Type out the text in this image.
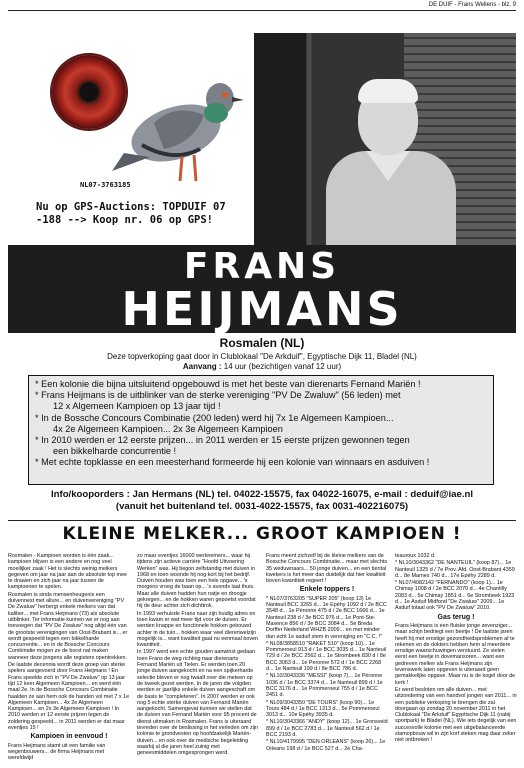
DE DUIF - Frans Wellens - blz. 9
NL07-3763185
Nu op GPS-Auctions: TOPDUIF 07
-188 --> Koop nr. 06 op GPS!
FRANS
HEIJMANS
Rosmalen (NL)
Deze topverkoping gaat door in Clublokaal "De Arkduif", Egyptische Dijk 11, Bladel (NL)
Aanvang : 14 uur (bezichtigen vanaf 12 uur)

* Een kolonie die bijna uitsluitend opgebouwd is met het beste van dierenarts Fernand Mariën !

* Frans Heijmans is de uitblinker van de sterke vereniging "PV De Zwaluw" (56 leden) met

12 x Algemeen Kampioen op 13 jaar tijd !

* In de Bossche Concours Combinatie (200 leden) werd hij 7x 1e Algemeen Kampioen...

4x 2e Algemeen Kampioen... 2x 3e Algemeen Kampioen

* In 2010 werden er 12 eerste prijzen... in 2011 werden er 15 eerste prijzen gewonnen tegen

een bikkelharde concurrentie !

* Met echte topklasse en een meesterhand formeerde hij een kolonie van winnaars en asduiven !

Info/kooporders : Jan Hermans (NL) tel. 04022-15575, fax 04022-16075, e-mail : deduif@iae.nl
(vanuit het buitenland tel. 0031-4022-15575, fax 0031-402216075)
KLEINE MELKER... GROOT KAMPIOEN !

Rosmalen - Kampioen worden is één zaak... kampioen blijven is een andere en nog veel moeilijker zaak ! Het is slechts weinig melkers gegeven om jaar na jaar aan de absolute top mee te draaien en zich jaar na jaar tussen de kampioenen te spelen.

Rosmalen is sinds mensenheugenis een duivennest met allure... en duivenvereniging "PV De Zwaluw" herbergt enkele melkers van dat kaliber... met Frans Heijmans (73) als absolute uitblinker. Ter informatie kunnen we er nog aan toevoegen dat "PV De Zwaluw" nog altijd één van de grootste verenigingen van Oost-Brabant is... er wordt gespeeld tegen een bikkelharde concurrentie... en in de Bossche Concours Combinatie mogen ze de borst nat maken wanneer deze jongens alle registers opentrekken.

De laatste decennia wordt deze groep van sterke spelers aangevoerd door Frans Heijmans ! En Frans speelde zich in "PV De Zwaluw" op 13 jaar tijd 12 keer Algemeen Kampioen... en werd één maal 2e. In de Bossche Concours Combinatie haalden ze aan hem ook de handen vol met 7 x 1e Algemeen Kampioen... 4x 2e Algemeen Kampioen... en 2x 3e Algemeen Kampioen ! In 2010 werden er 12 eerste prijzen tegen de zoldering gespeeld... in 2011 werden er dat maar eventjes 15 !

Kampioen in eenvoud !

Frans Heijmans stamt uit een familie van wegenbouwers... de firma Heijmans met wereldwijd

zo maar eventjes 16000 werknemers... waar hij tijdens zijn actieve carrière "Hoofd Uitvoering Werken" was. Hij begon zelfstandig met duiven in 1968 en toen woonde hij nog kort bij het bedrijf. Duiven houden was toen een hele opgave... 's morgens vroeg de baan op... 's avonds laat thuis. Maar alle duiven hadden hun natje en droogje gekregen... en de hokken waren gepoetst voordat hij de deur achter zich dichttrok.

In 1993 verhuisde Frans naar zijn huidig adres en toen kwam er wat meer tijd voor de duiven. Er werden knappe en functionele hokken gebouwd achter in de tuin... hokken waar veel dierenwelzijn mogelijk is... want kwaliteit gaat nu eenmaal boven kwantiteit.

In 1997 werd een echte gouden aanwinst gedaan toen Frans de weg richting naar dierenarts Fernand Mariën uit Tielen. Er werden toen 20 jonge duiven aangekocht en na een spijkerharde selectie bleven er nog twaalf over die meteen op de kweek gezet werden. In de jaren die volgden werden er jaarlijks enkele duiven aangeschaft om de basis te "completeren". In 2007 werden er ook nog 5 echte sterke duiven van Fernand Mariën aangekocht. Samengevat kunnen we stellen dat de duiven van Fernand Mariën voor 95 procent de dienst uitmaken in Rosmalen. Frans is uiteraard tevreden over de beslissing in het verleden om zijn kolonie te grondvesten op hoofdzakelijk Mariën-duiven... en ook over de medische begeleiding waarbij al die jaren heel zuinig met geneesmiddelen omgesprongen werd.

Frans meent zichzelf bij de kleine melkers van de Bossche Concours Combinatie... maar met slechts 35 weduwnaars... 50 jonge duiven... en een tiental kwekers is het meer dan duidelijk dat hier kwaliteit boven kwantiteit regeert !

Enkele toppers !

* NL07/3763205 "SUPER 205" (koop 13) 1e Nanteuil BCC 3265 d... 1e Epéhy 1092 d / 2e BCC 3548 d... 1e Péronne 475 d / 2e BCC 1666 d... 1e Nanteuil 238 d / 3e BCC 976 d... 1e Pont-Ste-Maxence 856 d / 3e BCC 3084 d... 5e Breda Dorffer Nederland WHZB 2009... en met minder dan echt 1e asduif stem in vereniging en "C.C. !"

* NL08/3858510 "RAKET 510" (koop 10)... 1e Pommeroeul 913 d / 1e BCC 3035 d... 1e Nanteuil 729 d / 2e BCC 2562 d... 1e Strombeek 830 d / 8e BCC 3063 d... 1e Peronne 572 d / 1e BCC 2268 d... 1e Nanteuil 199 d / 8e BCC 786 d.

* NL10/3043336 "MESSI" (koop 7)... 1e Péronne 1036 d / 1e BCC 3374 d... 1e Nanteuil 899 d / 1e BCC 3176 d... 1e Pommeroeul 755 d / 1e BCC 2451 d.

* NL09/3043350 "DE TOURS" (koop 90)... 1e Tours 484 d / 1e BCC 1313 d... 5e Pommeroeul 3013 d... 10e Epéhy 3935 d.

* NL10/3043366 "ANDY" (koop 12)... 1e Gronsveld 899 d / 1e BCC 2783 d... 1e Nanteuil 562 d / 1e BCC 2193 d.

* NL10/4179995 "DEN ORLEANS" (koop 26)... 1e Orleans 198 d / 1e BCC 527 d... 2e Cha-

teauroux 1032 d.

* NL10/3043362 "DE NANTEUIL" (koop 87)... 1e Nanteuil 1325 d / 7e Prov. Afd. Oost-Brabant 4359 d... 8e Marnes 740 d... 17e Epéhy 2289 d.

* NL07/4082142 "FERNANDO" (koop 1)... 1e Chimay 1008 d / 2e BCC 2070 d... 4e Chantilly 2083 d... 5e Chimay 1851 d... 6e Strombeek 1923 d... 1e Asduif Midfond "De Zwaluw" 2009... 1e Asduif totaal ook "PV De Zwaluw" 2010.

Gas terug !

Frans Heijmans is een fluiske jonge zevenziger... maar schijn bedriegt een beetje ! De laatste jaren heeft hij met ernstige gezondheidsproblemen af te rekenen en de dokters hebben hem al meerdere ernstige waarschuwingen verstuurd. Ze vielen eerst een beetje in dovemansoren... want een gedreven melker als Frans Heijmans zijn levenswerk laten opgeven is uiteraard geen gemakkelijke opgave. Maar nu is de kogel door de kerk !

Er werd besloten om alle duiven... met uitzondering van een handvol jongen van 2011... in een publieke verkoping te brengen die zal doorgaan op zondag 20 november 2011 in het Clublokaal "De Arkduif" Egyptische Dijk 11 (nabij sportpark) te Bladel (NL). Wie iets degelijk van een succesvolle kolonie met een uitgebalanceerde stamopbouw wil in zijn korf steken mag daar zeker niet ontbreken !
